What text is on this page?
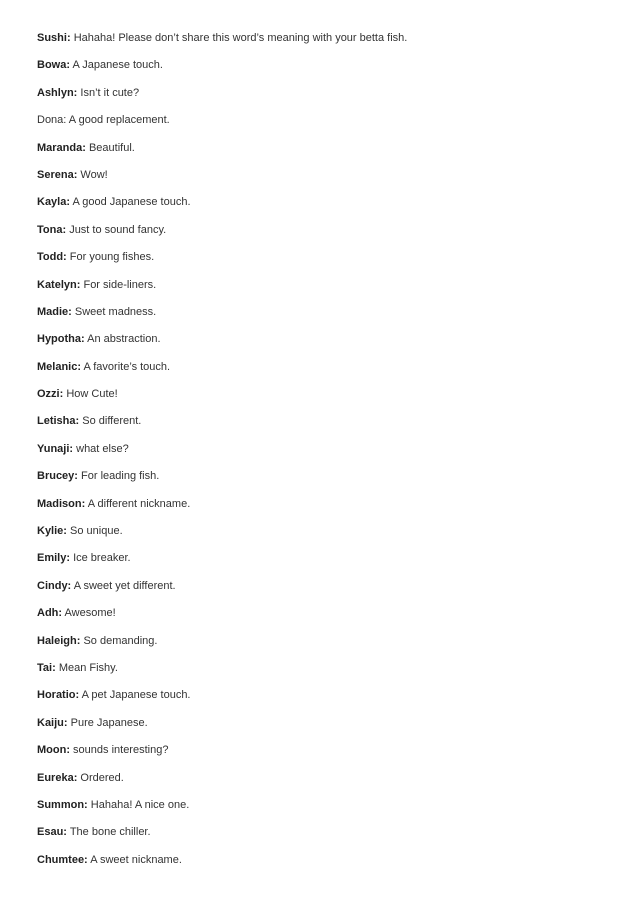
Sushi: Hahaha! Please don’t share this word’s meaning with your betta fish.
Bowa: A Japanese touch.
Ashlyn: Isn’t it cute?
Dona: A good replacement.
Maranda: Beautiful.
Serena: Wow!
Kayla: A good Japanese touch.
Tona: Just to sound fancy.
Todd: For young fishes.
Katelyn: For side-liners.
Madie: Sweet madness.
Hypotha: An abstraction.
Melanic: A favorite’s touch.
Ozzi: How Cute!
Letisha: So different.
Yunaji: what else?
Brucey: For leading fish.
Madison: A different nickname.
Kylie: So unique.
Emily: Ice breaker.
Cindy: A sweet yet different.
Adh: Awesome!
Haleigh: So demanding.
Tai: Mean Fishy.
Horatio: A pet Japanese touch.
Kaiju: Pure Japanese.
Moon: sounds interesting?
Eureka: Ordered.
Summon: Hahaha! A nice one.
Esau: The bone chiller.
Chumtee: A sweet nickname.
